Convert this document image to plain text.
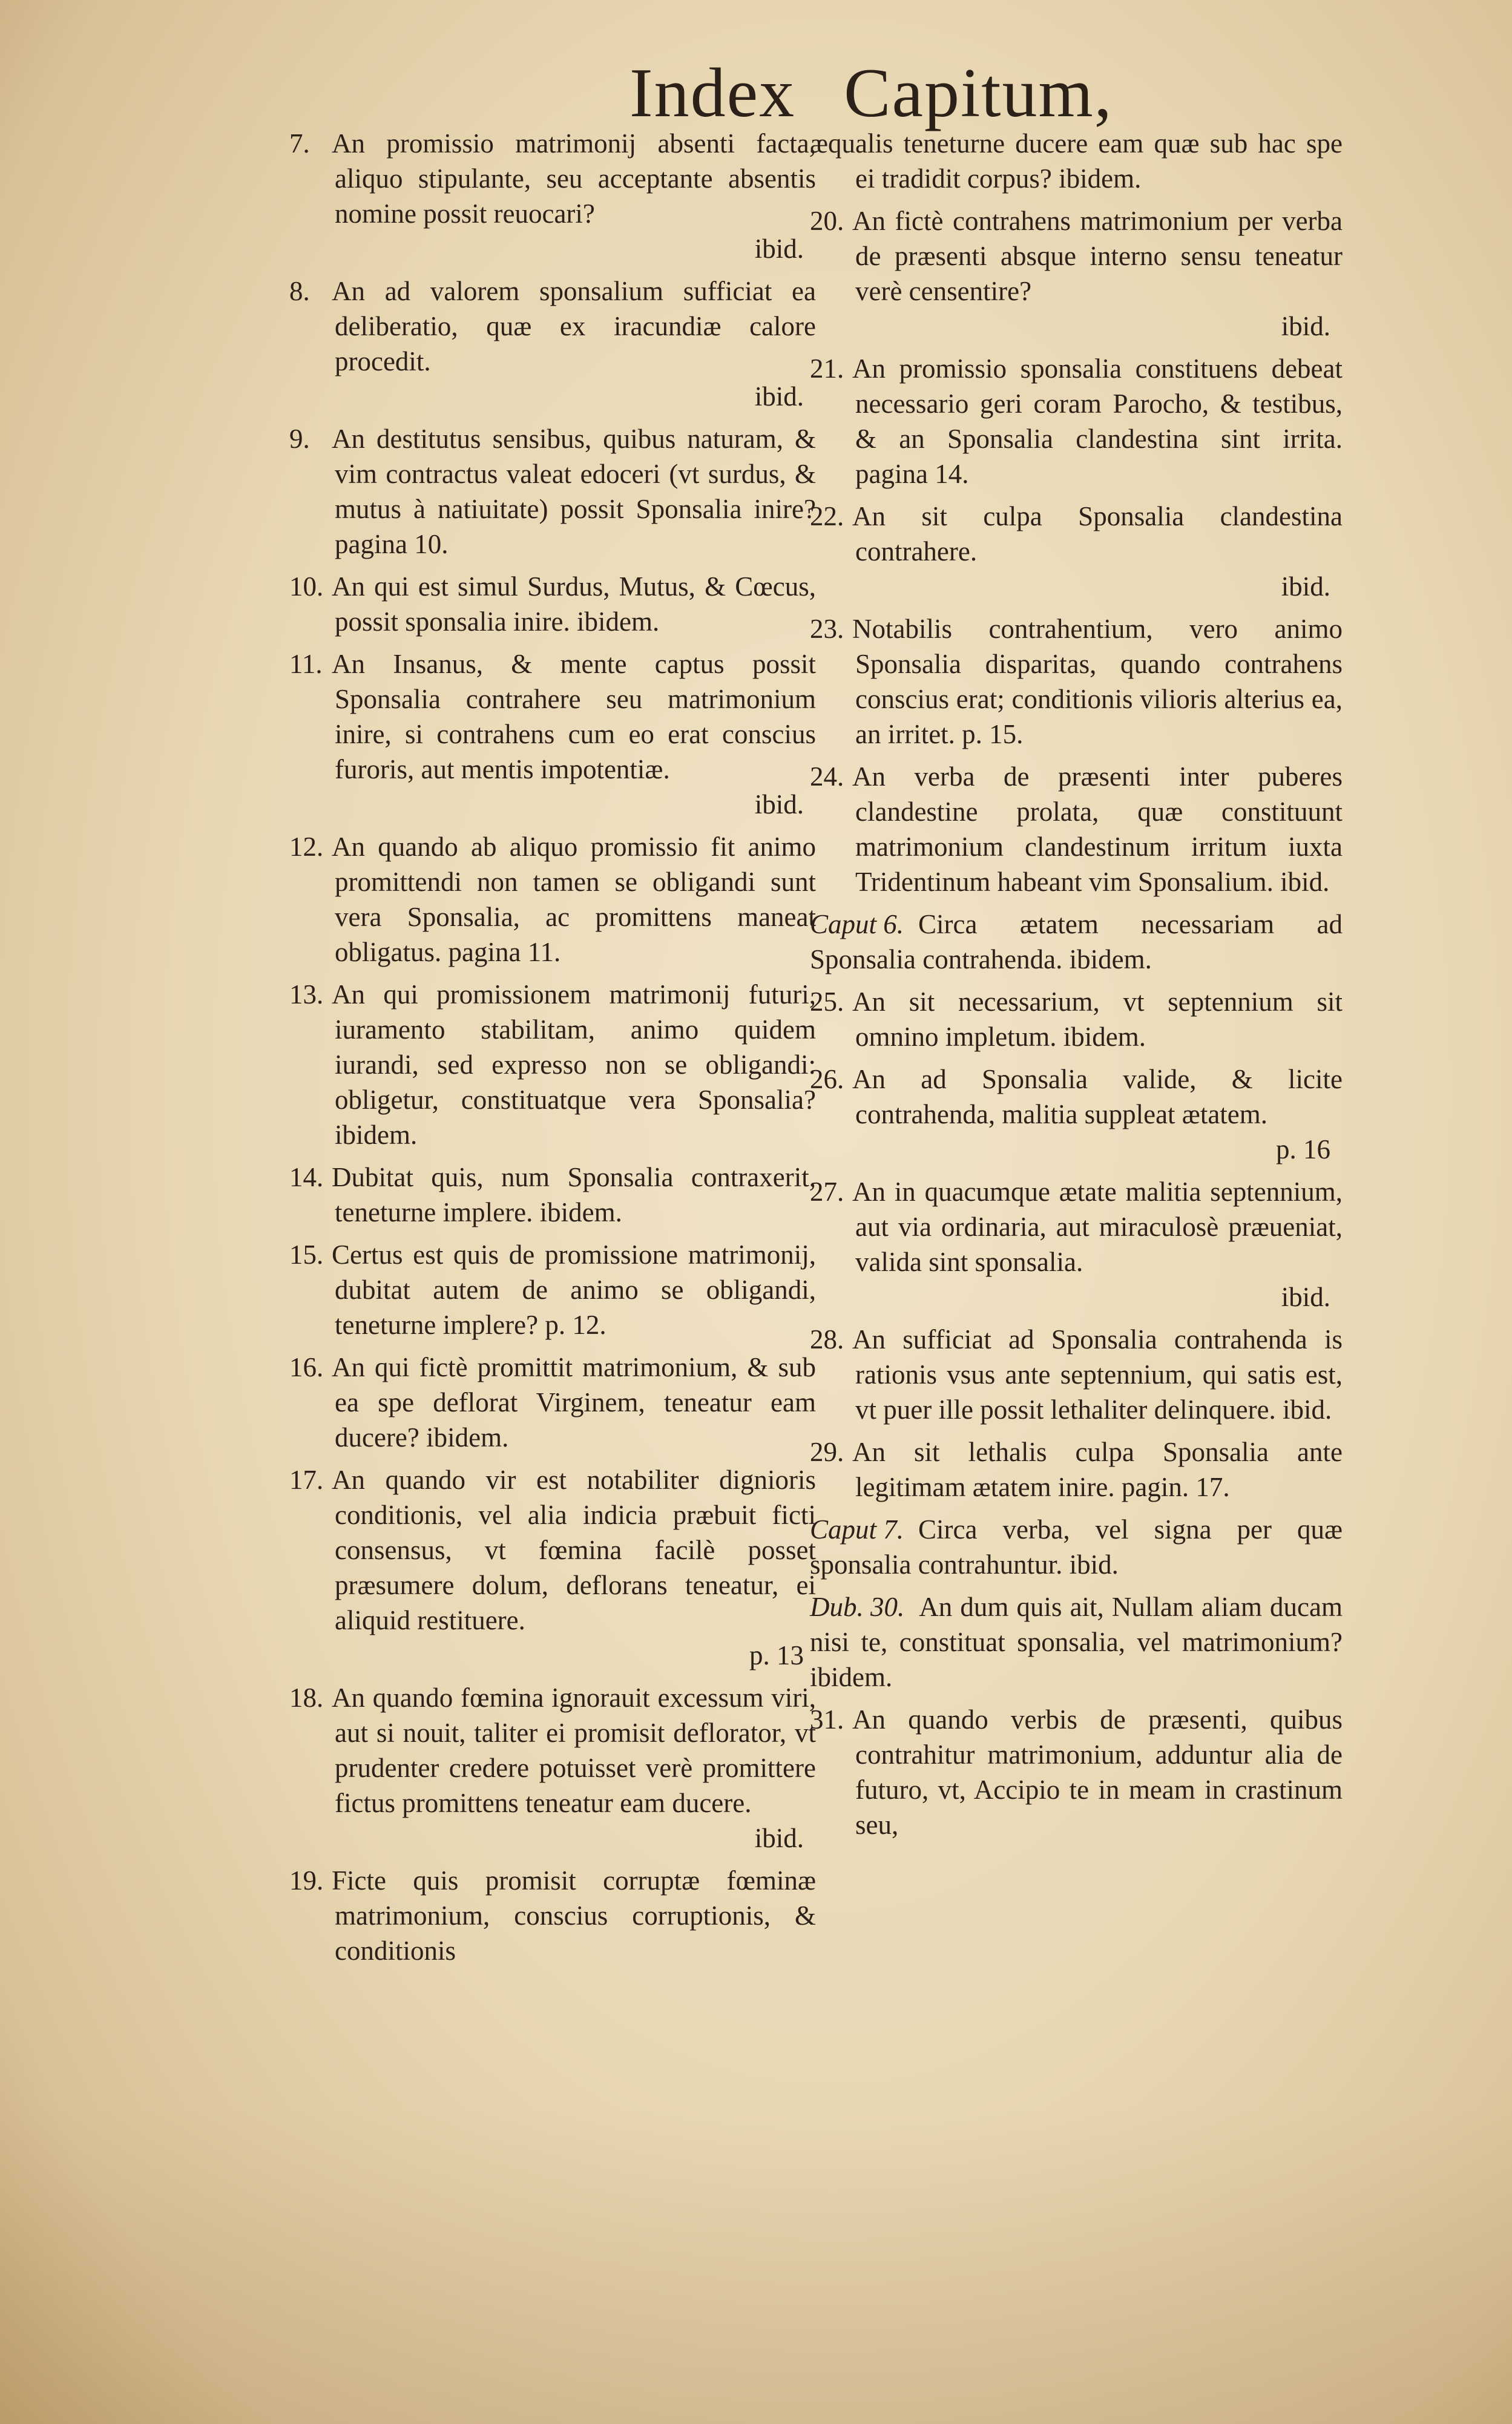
Index Capitum,

7. An promissio matrimonij absenti facta, aliquo stipulante, seu acceptante absentis nomine possit reuocari?
ibid.

8. An ad valorem sponsalium sufficiat ea deliberatio, quæ ex iracundiæ calore procedit.
ibid.

9. An destitutus sensibus, quibus naturam, & vim contractus valeat edoceri (vt surdus, & mutus à natiuitate) possit Sponsalia inire? pagina 10.

10. An qui est simul Surdus, Mutus, & Cœcus, possit sponsalia inire. ibidem.

11. An Insanus, & mente captus possit Sponsalia contrahere seu matrimonium inire, si contrahens cum eo erat conscius furoris, aut mentis impotentiæ.
ibid.

12. An quando ab aliquo promissio fit animo promittendi non tamen se obligandi sunt vera Sponsalia, ac promittens maneat obligatus. pagina 11.

13. An qui promissionem matrimonij futuri, iuramento stabilitam, animo quidem iurandi, sed expresso non se obligandi: obligetur, constituatque vera Sponsalia? ibidem.

14. Dubitat quis, num Sponsalia contraxerit, teneturne implere. ibidem.

15. Certus est quis de promissione matrimonij, dubitat autem de animo se obligandi, teneturne implere? p. 12.

16. An qui fictè promittit matrimonium, & sub ea spe deflorat Virginem, teneatur eam ducere? ibidem.

17. An quando vir est notabiliter dignioris conditionis, vel alia indicia præbuit ficti consensus, vt fœmina facilè posset præsumere dolum, deflorans teneatur, ei aliquid restituere.
p. 13

18. An quando fœmina ignorauit excessum viri, aut si nouit, taliter ei promisit deflorator, vt prudenter credere potuisset verè promittere fictus promittens teneatur eam ducere.
ibid.

19. Ficte quis promisit corruptæ fœminæ matrimonium, conscius corruptionis, & conditionis

æqualis teneturne ducere eam quæ sub hac spe ei tradidit corpus? ibidem.

20. An fictè contrahens matrimonium per verba de præsenti absque interno sensu teneatur verè censentire?
ibid.

21. An promissio sponsalia constituens debeat necessario geri coram Parocho, & testibus, & an Sponsalia clandestina sint irrita. pagina 14.

22. An sit culpa Sponsalia clandestina contrahere.
ibid.

23. Notabilis contrahentium, vero animo Sponsalia disparitas, quando contrahens conscius erat; conditionis vilioris alterius ea, an irritet. p. 15.

24. An verba de præsenti inter puberes clandestine prolata, quæ constituunt matrimonium clandestinum irritum iuxta Tridentinum habeant vim Sponsalium. ibid.

Caput 6. Circa ætatem necessariam ad Sponsalia contrahenda. ibidem.

25. An sit necessarium, vt septennium sit omnino impletum. ibidem.

26. An ad Sponsalia valide, & licite contrahenda, malitia suppleat ætatem.
p. 16

27. An in quacumque ætate malitia septennium, aut via ordinaria, aut miraculosè præueniat, valida sint sponsalia.
ibid.

28. An sufficiat ad Sponsalia contrahenda is rationis vsus ante septennium, qui satis est, vt puer ille possit lethaliter delinquere. ibid.

29. An sit lethalis culpa Sponsalia ante legitimam ætatem inire. pagin. 17.

Caput 7. Circa verba, vel signa per quæ sponsalia contrahuntur. ibid.

Dub. 30. An dum quis ait, Nullam aliam ducam nisi te, constituat sponsalia, vel matrimonium? ibidem.

31. An quando verbis de præsenti, quibus contrahitur matrimonium, adduntur alia de futuro, vt, Accipio te in meam in crastinum seu,
